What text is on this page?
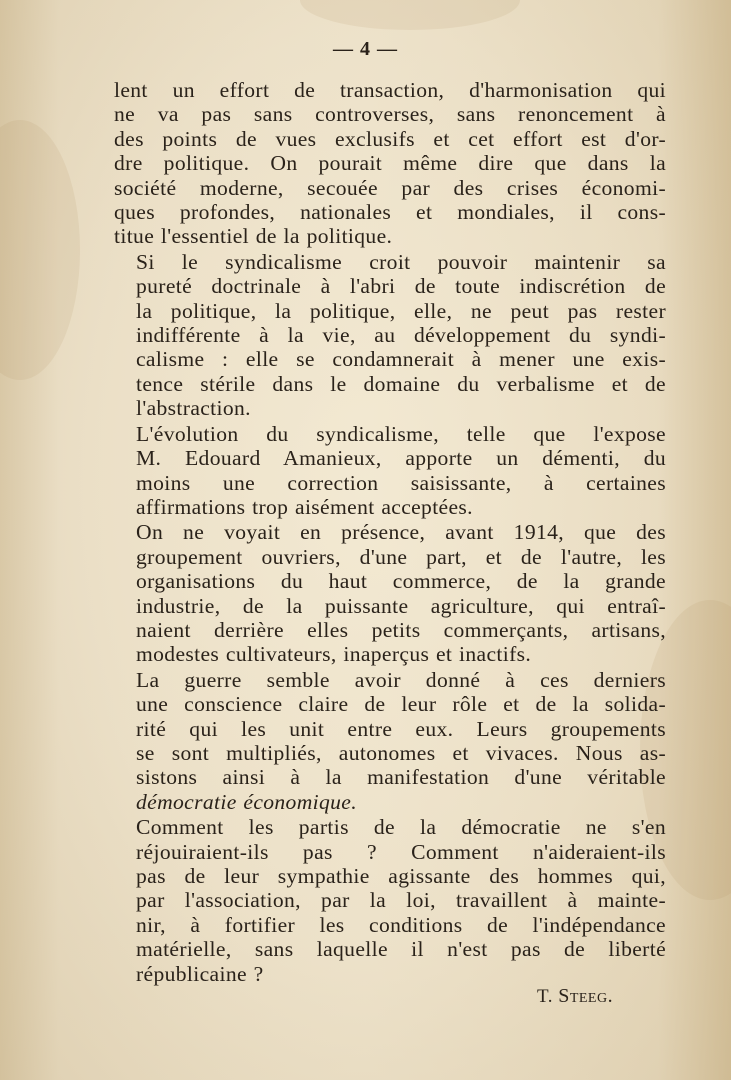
— 4 —

lent un effort de transaction, d'harmonisation qui
ne va pas sans controverses, sans renoncement à
des points de vues exclusifs et cet effort est d'or-
dre politique. On pourait même dire que dans la
société moderne, secouée par des crises économi-
ques profondes, nationales et mondiales, il cons-
titue l'essentiel de la politique.

Si le syndicalisme croit pouvoir maintenir sa
pureté doctrinale à l'abri de toute indiscrétion de
la politique, la politique, elle, ne peut pas rester
indifférente à la vie, au développement du syndi-
calisme : elle se condamnerait à mener une exis-
tence stérile dans le domaine du verbalisme et de
l'abstraction.

L'évolution du syndicalisme, telle que l'expose
M. Edouard Amanieux, apporte un démenti, du
moins une correction saisissante, à certaines
affirmations trop aisément acceptées.

On ne voyait en présence, avant 1914, que des
groupement ouvriers, d'une part, et de l'autre, les
organisations du haut commerce, de la grande
industrie, de la puissante agriculture, qui entraî-
naient derrière elles petits commerçants, artisans,
modestes cultivateurs, inaperçus et inactifs.

La guerre semble avoir donné à ces derniers
une conscience claire de leur rôle et de la solida-
rité qui les unit entre eux. Leurs groupements
se sont multipliés, autonomes et vivaces. Nous as-
sistons ainsi à la manifestation d'une véritable
démocratie économique.

Comment les partis de la démocratie ne s'en
réjouiraient-ils pas ? Comment n'aideraient-ils
pas de leur sympathie agissante des hommes qui,
par l'association, par la loi, travaillent à mainte-
nir, à fortifier les conditions de l'indépendance
matérielle, sans laquelle il n'est pas de liberté
républicaine ?

T. Steeg.
